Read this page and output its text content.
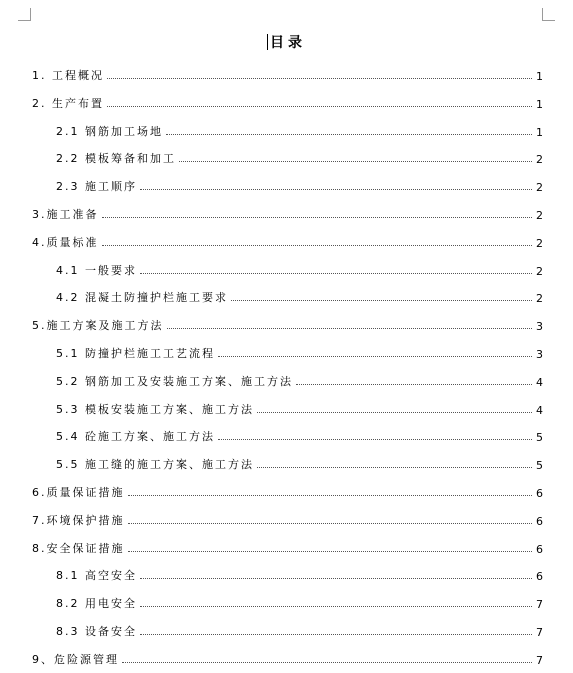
目录
1. 工程概况	1
2. 生产布置	1
2.1 钢筋加工场地	1
2.2 模板筹备和加工	2
2.3 施工顺序	2
3.施工准备	2
4.质量标准	2
4.1 一般要求	2
4.2 混凝土防撞护栏施工要求	2
5.施工方案及施工方法	3
5.1 防撞护栏施工工艺流程	3
5.2 钢筋加工及安装施工方案、施工方法	4
5.3 模板安装施工方案、施工方法	4
5.4 砼施工方案、施工方法	5
5.5 施工缝的施工方案、施工方法	5
6.质量保证措施	6
7.环境保护措施	6
8.安全保证措施	6
8.1 高空安全	6
8.2 用电安全	7
8.3 设备安全	7
9、危险源管理	7
